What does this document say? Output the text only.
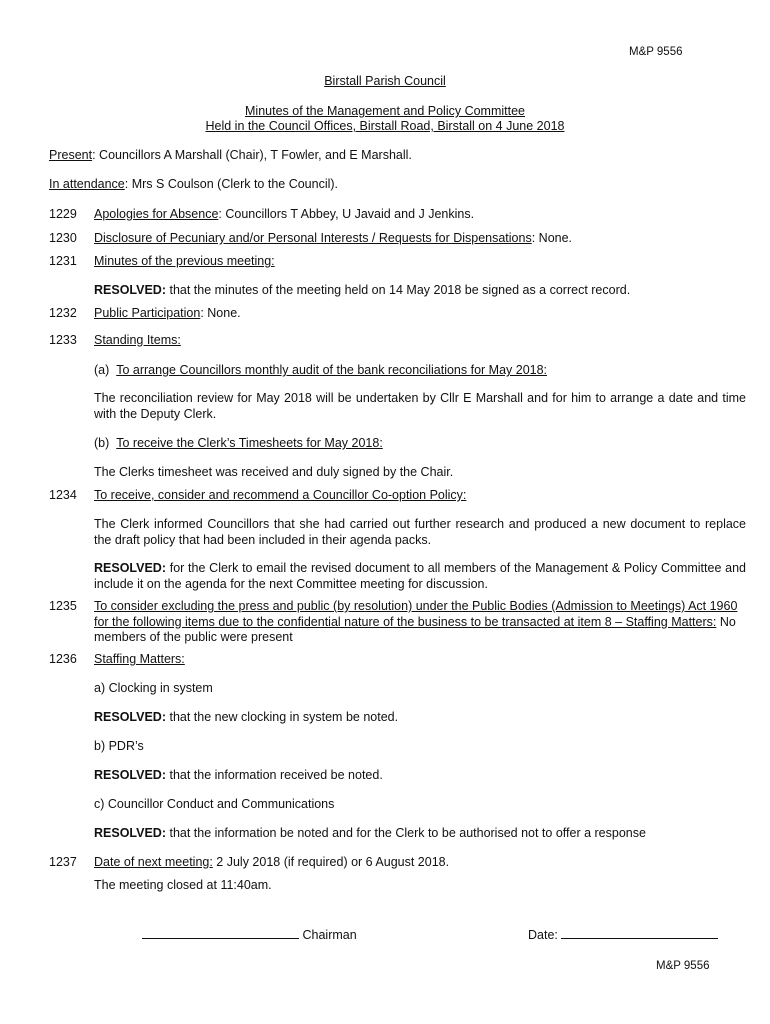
M&P 9556
Birstall Parish Council
Minutes of the Management and Policy Committee
Held in the Council Offices, Birstall Road, Birstall on 4 June 2018
Present: Councillors A Marshall (Chair), T Fowler, and E Marshall.
In attendance: Mrs S Coulson (Clerk to the Council).
1229 Apologies for Absence: Councillors T Abbey, U Javaid and J Jenkins.
1230 Disclosure of Pecuniary and/or Personal Interests / Requests for Dispensations: None.
1231 Minutes of the previous meeting:
RESOLVED: that the minutes of the meeting held on 14 May 2018 be signed as a correct record.
1232 Public Participation: None.
1233 Standing Items:
(a) To arrange Councillors monthly audit of the bank reconciliations for May 2018:
The reconciliation review for May 2018 will be undertaken by Cllr E Marshall and for him to arrange a date and time with the Deputy Clerk.
(b) To receive the Clerk’s Timesheets for May 2018:
The Clerks timesheet was received and duly signed by the Chair.
1234 To receive, consider and recommend a Councillor Co-option Policy:
The Clerk informed Councillors that she had carried out further research and produced a new document to replace the draft policy that had been included in their agenda packs.
RESOLVED: for the Clerk to email the revised document to all members of the Management & Policy Committee and include it on the agenda for the next Committee meeting for discussion.
1235 To consider excluding the press and public (by resolution) under the Public Bodies (Admission to Meetings) Act 1960 for the following items due to the confidential nature of the business to be transacted at item 8 – Staffing Matters: No members of the public were present
1236 Staffing Matters:
a) Clocking in system
RESOLVED: that the new clocking in system be noted.
b) PDR’s
RESOLVED: that the information received be noted.
c) Councillor Conduct and Communications
RESOLVED: that the information be noted and for the Clerk to be authorised not to offer a response
1237 Date of next meeting: 2 July 2018 (if required) or 6 August 2018.
The meeting closed at 11:40am.
Chairman	Date:
M&P 9556
